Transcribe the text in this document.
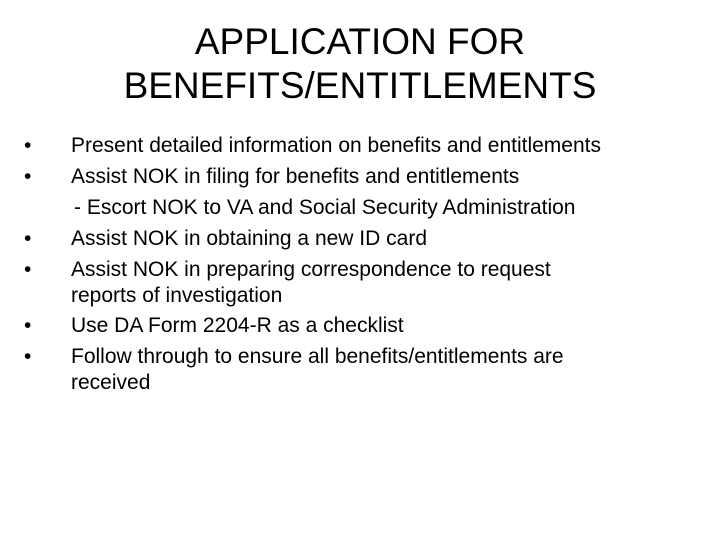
APPLICATION FOR
BENEFITS/ENTITLEMENTS
•	Present detailed information on benefits and entitlements
•	Assist NOK in filing for benefits and entitlements
- Escort NOK to VA and Social Security Administration
•	Assist NOK in obtaining a new ID card
•	Assist NOK in preparing correspondence to request
reports of investigation
•	Use DA Form 2204-R as a checklist
•	Follow through to ensure all benefits/entitlements are
received
